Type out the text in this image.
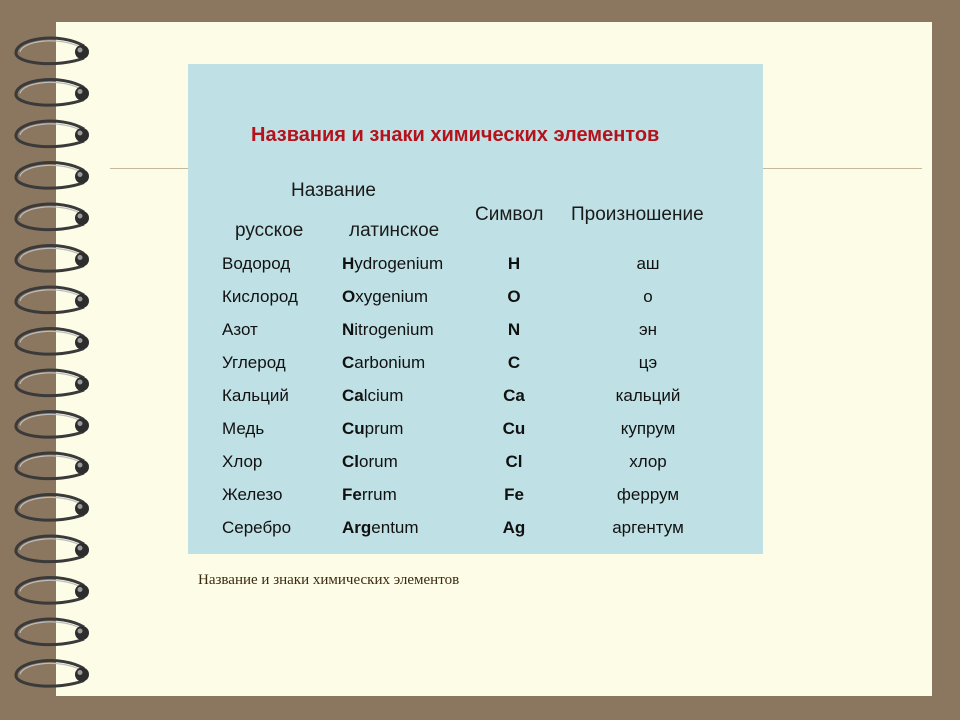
Названия и знаки химических элементов
Название
русское латинское
Символ Произношение
Водород	Hydrogenium	H	аш
Кислород	Oxygenium	O	о
Азот	Nitrogenium	N	эн
Углерод	Carbonium	C	цэ
Кальций	Calcium	Ca	кальций
Медь	Cuprum	Cu	купрум
Хлор	Clorum	Cl	хлор
Железо	Ferrum	Fe	феррум
Серебро	Argentum	Ag	аргентум
Название и знаки химических элементов
